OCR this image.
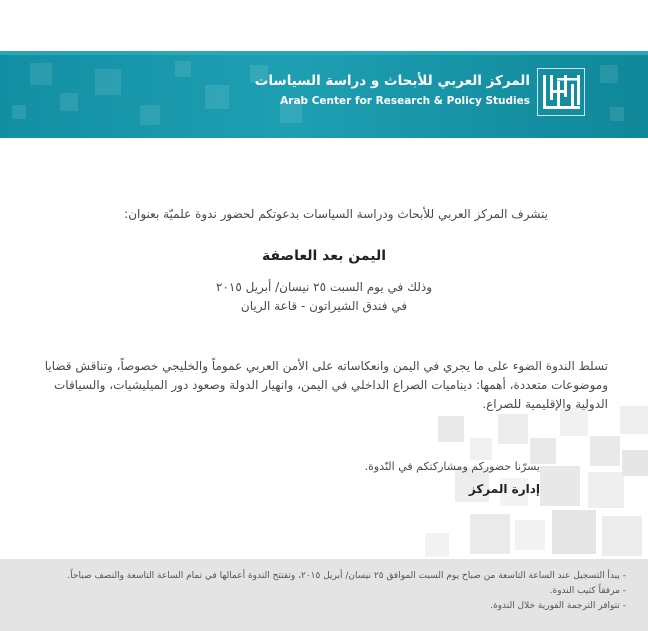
المركز العربي للأبحاث و دراسة السياسات
Arab Center for Research & Policy Studies
يتشرف المركز العربي للأبحاث ودراسة السياسات بدعوتكم لحضور ندوة علميّة بعنوان:
اليمن بعد العاصفة
وذلك في يوم السبت ٢٥ نيسان/ أبريل ٢٠١٥
في فندق الشيراتون - قاعة الريان
تسلط الندوة الضوء على ما يجري في اليمن وانعكاساته على الأمن العربي عموماً والخليجي خصوصاً، وتناقش قضايا وموضوعات متعددة، أهمها: ديناميات الصراع الداخلي في اليمن، وانهيار الدولة وصعود دور الميليشيات، والسياقات الدولية والإقليمية للصراع.
يسرّنا حضوركم ومشاركتكم في النّدوة.
إدارة المركز
- يبدأ التسجيل عند الساعة التاسعة من صباح يوم السبت الموافق ٢٥ نيسان/ أبريل ٢٠١٥، وتفتتح الندوة أعمالها في تمام الساعة التاسعة والنصف صباحاً.
- مرفقاً كتيب الندوة.
- تتوافر الترجمة الفورية خلال الندوة.
